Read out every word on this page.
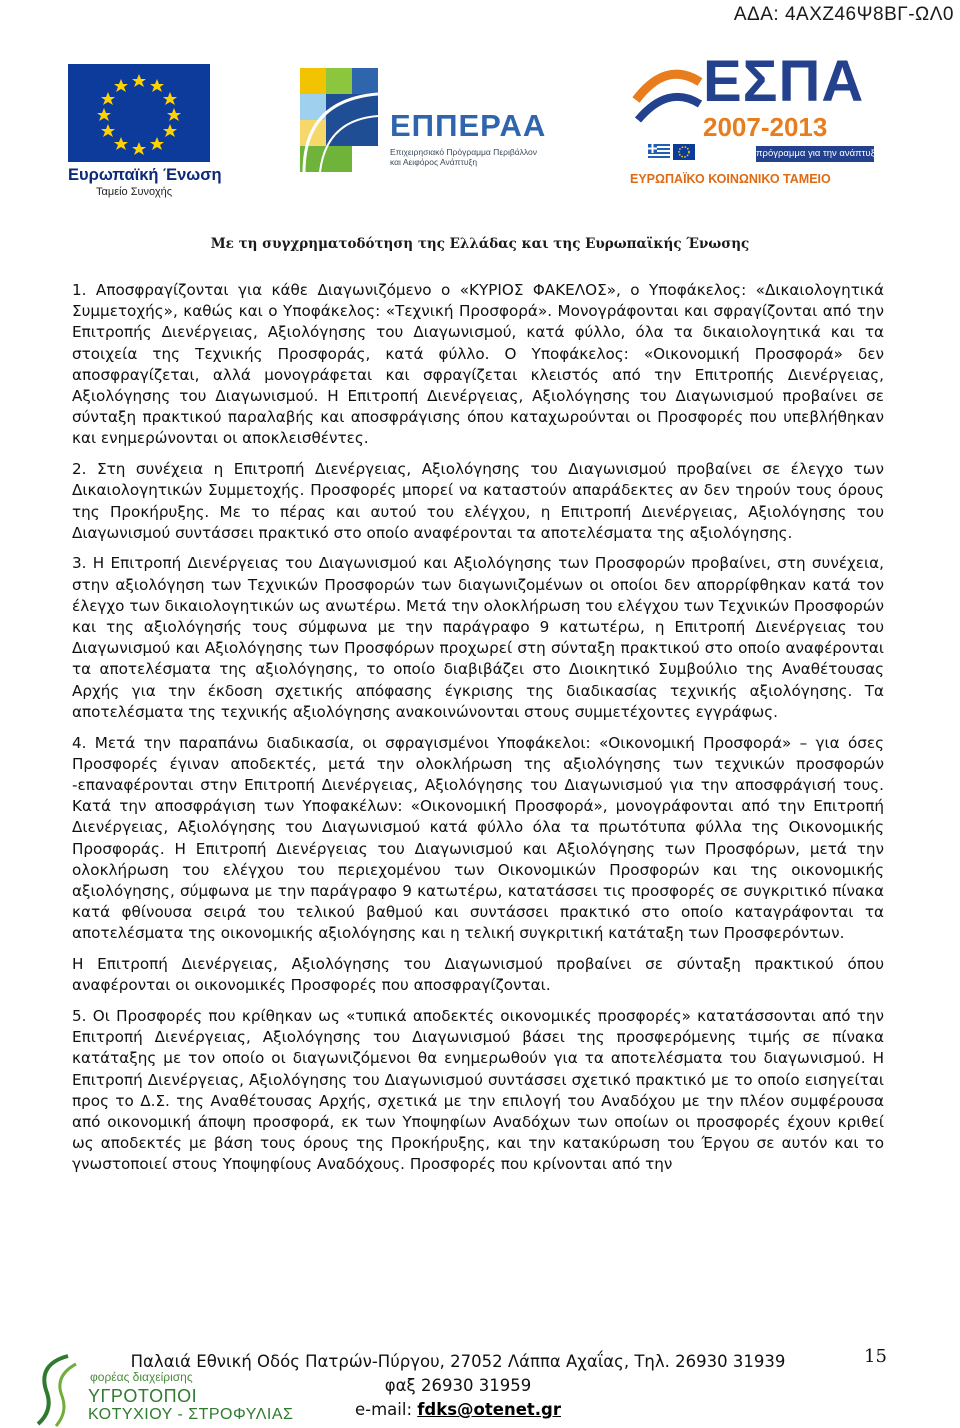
ΑΔΑ: 4ΑΧΖ46Ψ8ΒΓ-ΩΛ0
Ευρωπαϊκή Ένωση
Ταμείο Συνοχής
ΕΠΠΕΡΑΑ
Επιχειρησιακό Πρόγραμμα Περιβάλλον και Αειφόρος Ανάπτυξη
ΕΣΠΑ
2007-2013
πρόγραμμα για την ανάπτυξη
ΕΥΡΩΠΑΪΚΟ ΚΟΙΝΩΝΙΚΟ ΤΑΜΕΙΟ
Με τη συγχρηματοδότηση της Ελλάδας και της Ευρωπαϊκής Ένωσης

1. Αποσφραγίζονται για κάθε Διαγωνιζόμενο ο «ΚΥΡΙΟΣ ΦΑΚΕΛΟΣ», ο Υποφάκελος: «Δικαιολογητικά Συμμετοχής», καθώς και ο Υποφάκελος: «Τεχνική Προσφορά». Μονογράφονται και σφραγίζονται από την Επιτροπής Διενέργειας, Αξιολόγησης του Διαγωνισμού, κατά φύλλο, όλα τα δικαιολογητικά και τα στοιχεία της Τεχνικής Προσφοράς, κατά φύλλο. Ο Υποφάκελος: «Οικονομική Προσφορά» δεν αποσφραγίζεται, αλλά μονογράφεται και σφραγίζεται κλειστός από την Επιτροπής Διενέργειας, Αξιολόγησης του Διαγωνισμού. Η Επιτροπή Διενέργειας, Αξιολόγησης του Διαγωνισμού προβαίνει σε σύνταξη πρακτικού παραλαβής και αποσφράγισης όπου καταχωρούνται οι Προσφορές που υπεβλήθηκαν και ενημερώνονται οι αποκλεισθέντες.

2. Στη συνέχεια η Επιτροπή Διενέργειας, Αξιολόγησης του Διαγωνισμού προβαίνει σε έλεγχο των Δικαιολογητικών Συμμετοχής. Προσφορές μπορεί να καταστούν απαράδεκτες αν δεν τηρούν τους όρους της Προκήρυξης. Με το πέρας και αυτού του ελέγχου, η Επιτροπή Διενέργειας, Αξιολόγησης του Διαγωνισμού συντάσσει πρακτικό στο οποίο αναφέρονται τα αποτελέσματα της αξιολόγησης.

3. Η Επιτροπή Διενέργειας του Διαγωνισμού και Αξιολόγησης των Προσφορών προβαίνει, στη συνέχεια, στην αξιολόγηση των Τεχνικών Προσφορών των διαγωνιζομένων οι οποίοι δεν απορρίφθηκαν κατά τον έλεγχο των δικαιολογητικών ως ανωτέρω. Μετά την ολοκλήρωση του ελέγχου των Τεχνικών Προσφορών και της αξιολόγησής τους σύμφωνα με την παράγραφο 9 κατωτέρω, η Επιτροπή Διενέργειας του Διαγωνισμού και Αξιολόγησης των Προσφόρων προχωρεί στη σύνταξη πρακτικού στο οποίο αναφέρονται τα αποτελέσματα της αξιολόγησης, το οποίο διαβιβάζει στο Διοικητικό Συμβούλιο της Αναθέτουσας Αρχής για την έκδοση σχετικής απόφασης έγκρισης της διαδικασίας τεχνικής αξιολόγησης. Τα αποτελέσματα της τεχνικής αξιολόγησης ανακοινώνονται στους συμμετέχοντες εγγράφως.

4. Μετά την παραπάνω διαδικασία, οι σφραγισμένοι Υποφάκελοι: «Οικονομική Προσφορά» – για όσες Προσφορές έγιναν αποδεκτές, μετά την ολοκλήρωση της αξιολόγησης των τεχνικών προσφορών -επαναφέρονται στην Επιτροπή Διενέργειας, Αξιολόγησης του Διαγωνισμού για την αποσφράγισή τους. Κατά την αποσφράγιση των Υποφακέλων: «Οικονομική Προσφορά», μονογράφονται από την Επιτροπή Διενέργειας, Αξιολόγησης του Διαγωνισμού κατά φύλλο όλα τα πρωτότυπα φύλλα της Οικονομικής Προσφοράς. Η Επιτροπή Διενέργειας του Διαγωνισμού και Αξιολόγησης των Προσφόρων, μετά την ολοκλήρωση του ελέγχου του περιεχομένου των Οικονομικών Προσφορών και της οικονομικής αξιολόγησης, σύμφωνα με την παράγραφο 9 κατωτέρω, κατατάσσει τις προσφορές σε συγκριτικό πίνακα κατά φθίνουσα σειρά του τελικού βαθμού και συντάσσει πρακτικό στο οποίο καταγράφονται τα αποτελέσματα της οικονομικής αξιολόγησης και η τελική συγκριτική κατάταξη των Προσφερόντων.

Η Επιτροπή Διενέργειας, Αξιολόγησης του Διαγωνισμού προβαίνει σε σύνταξη πρακτικού όπου αναφέρονται οι οικονομικές Προσφορές που αποσφραγίζονται.

5. Οι Προσφορές που κρίθηκαν ως «τυπικά αποδεκτές οικονομικές προσφορές» κατατάσσονται από την Επιτροπή Διενέργειας, Αξιολόγησης του Διαγωνισμού βάσει της προσφερόμενης τιμής σε πίνακα κατάταξης με τον οποίο οι διαγωνιζόμενοι θα ενημερωθούν για τα αποτελέσματα του διαγωνισμού. Η Επιτροπή Διενέργειας, Αξιολόγησης του Διαγωνισμού συντάσσει σχετικό πρακτικό με το οποίο εισηγείται προς το Δ.Σ. της Αναθέτουσας Αρχής, σχετικά με την επιλογή του Αναδόχου με την πλέον συμφέρουσα από οικονομική άποψη προσφορά, εκ των Υποψηφίων Αναδόχων των οποίων οι προσφορές έχουν κριθεί ως αποδεκτές με βάση τους όρους της Προκήρυξης, και την κατακύρωση του Έργου σε αυτόν και το γνωστοποιεί στους Υποψηφίους Αναδόχους. Προσφορές που κρίνονται από την

φορέας διαχείρισης
ΥΓΡΟΤΟΠΟΙ
ΚΟΤΥΧΙΟΥ - ΣΤΡΟΦΥΛΙΑΣ
Παλαιά Εθνική Οδός Πατρών-Πύργου, 27052 Λάππα Αχαΐας, Τηλ. 26930 31939
φαξ 26930 31959
e-mail: fdks@otenet.gr
15
